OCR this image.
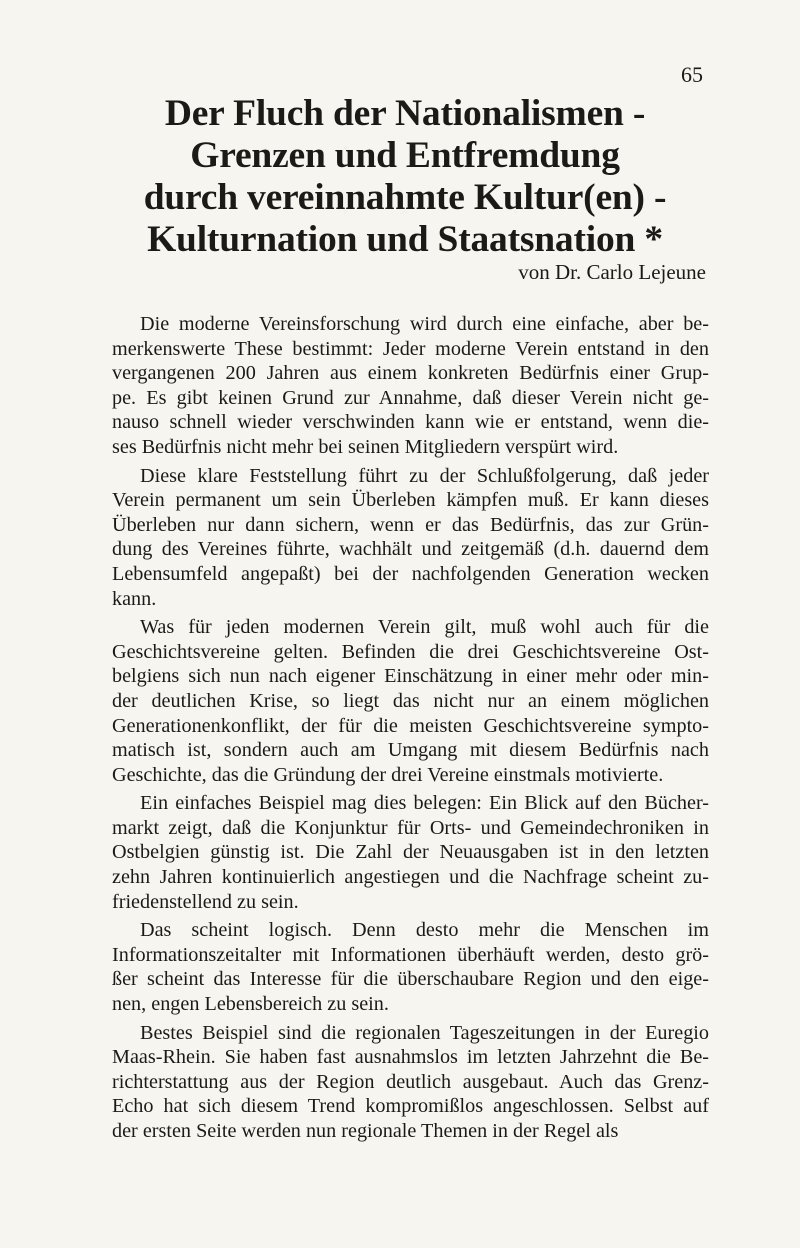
65
Der Fluch der Nationalismen -
Grenzen und Entfremdung
durch vereinnahmte Kultur(en) -
Kulturnation und Staatsnation *
von Dr. Carlo Lejeune
Die moderne Vereinsforschung wird durch eine einfache, aber be-
merkenswerte These bestimmt: Jeder moderne Verein entstand in den
vergangenen 200 Jahren aus einem konkreten Bedürfnis einer Grup-
pe. Es gibt keinen Grund zur Annahme, daß dieser Verein nicht ge-
nauso schnell wieder verschwinden kann wie er entstand, wenn die-
ses Bedürfnis nicht mehr bei seinen Mitgliedern verspürt wird.
Diese klare Feststellung führt zu der Schlußfolgerung, daß jeder
Verein permanent um sein Überleben kämpfen muß. Er kann dieses
Überleben nur dann sichern, wenn er das Bedürfnis, das zur Grün-
dung des Vereines führte, wachhält und zeitgemäß (d.h. dauernd dem
Lebensumfeld angepaßt) bei der nachfolgenden Generation wecken
kann.
Was für jeden modernen Verein gilt, muß wohl auch für die
Geschichtsvereine gelten. Befinden die drei Geschichtsvereine Ost-
belgiens sich nun nach eigener Einschätzung in einer mehr oder min-
der deutlichen Krise, so liegt das nicht nur an einem möglichen
Generationenkonflikt, der für die meisten Geschichtsvereine sympto-
matisch ist, sondern auch am Umgang mit diesem Bedürfnis nach
Geschichte, das die Gründung der drei Vereine einstmals motivierte.
Ein einfaches Beispiel mag dies belegen: Ein Blick auf den Bücher-
markt zeigt, daß die Konjunktur für Orts- und Gemeindechroniken in
Ostbelgien günstig ist. Die Zahl der Neuausgaben ist in den letzten
zehn Jahren kontinuierlich angestiegen und die Nachfrage scheint zu-
friedenstellend zu sein.
Das scheint logisch. Denn desto mehr die Menschen im
Informationszeitalter mit Informationen überhäuft werden, desto grö-
ßer scheint das Interesse für die überschaubare Region und den eige-
nen, engen Lebensbereich zu sein.
Bestes Beispiel sind die regionalen Tageszeitungen in der Euregio
Maas-Rhein. Sie haben fast ausnahmslos im letzten Jahrzehnt die Be-
richterstattung aus der Region deutlich ausgebaut. Auch das Grenz-
Echo hat sich diesem Trend kompromißlos angeschlossen. Selbst auf
der ersten Seite werden nun regionale Themen in der Regel als
